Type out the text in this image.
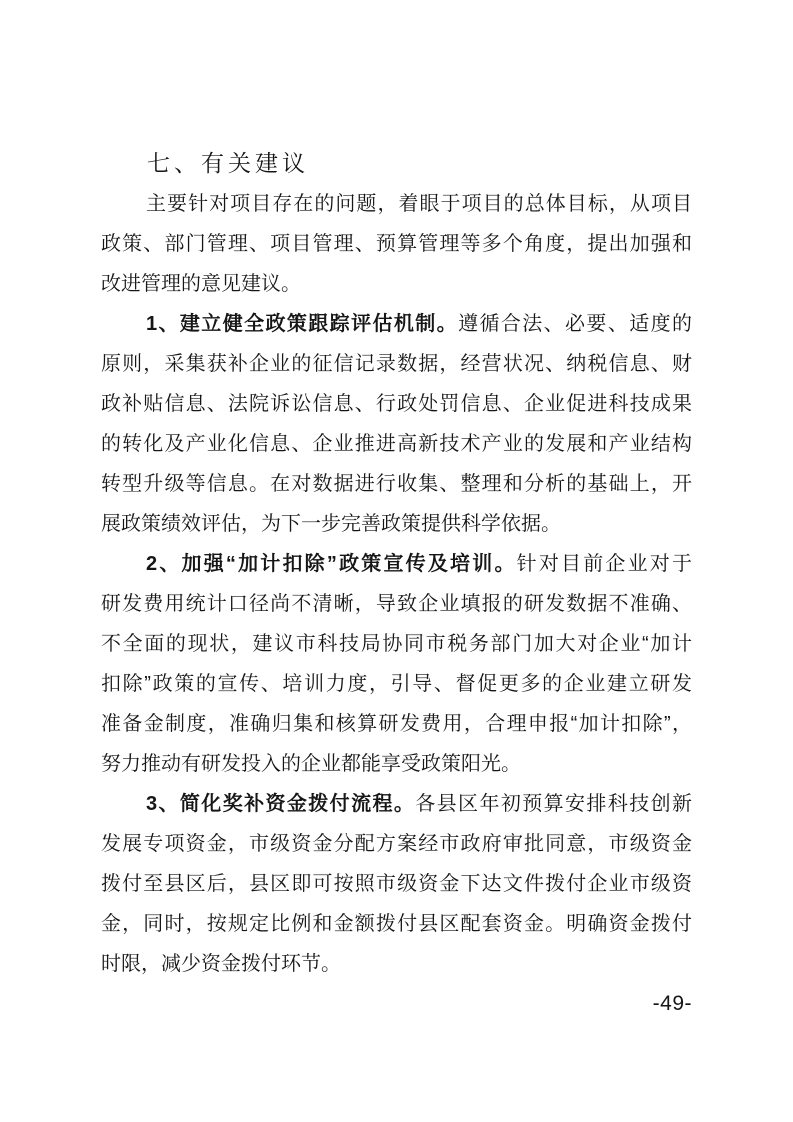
七、有关建议
主要针对项目存在的问题，着眼于项目的总体目标，从项目
政策、部门管理、项目管理、预算管理等多个角度，提出加强和
改进管理的意见建议。
1、建立健全政策跟踪评估机制。遵循合法、必要、适度的
原则，采集获补企业的征信记录数据，经营状况、纳税信息、财
政补贴信息、法院诉讼信息、行政处罚信息、企业促进科技成果
的转化及产业化信息、企业推进高新技术产业的发展和产业结构
转型升级等信息。在对数据进行收集、整理和分析的基础上，开
展政策绩效评估，为下一步完善政策提供科学依据。
2、加强“加计扣除”政策宣传及培训。针对目前企业对于
研发费用统计口径尚不清晰，导致企业填报的研发数据不准确、
不全面的现状，建议市科技局协同市税务部门加大对企业“加计
扣除”政策的宣传、培训力度，引导、督促更多的企业建立研发
准备金制度，准确归集和核算研发费用，合理申报“加计扣除”，
努力推动有研发投入的企业都能享受政策阳光。
3、简化奖补资金拨付流程。各县区年初预算安排科技创新
发展专项资金，市级资金分配方案经市政府审批同意，市级资金
拨付至县区后，县区即可按照市级资金下达文件拨付企业市级资
金，同时，按规定比例和金额拨付县区配套资金。明确资金拨付
时限，减少资金拨付环节。
-49-
